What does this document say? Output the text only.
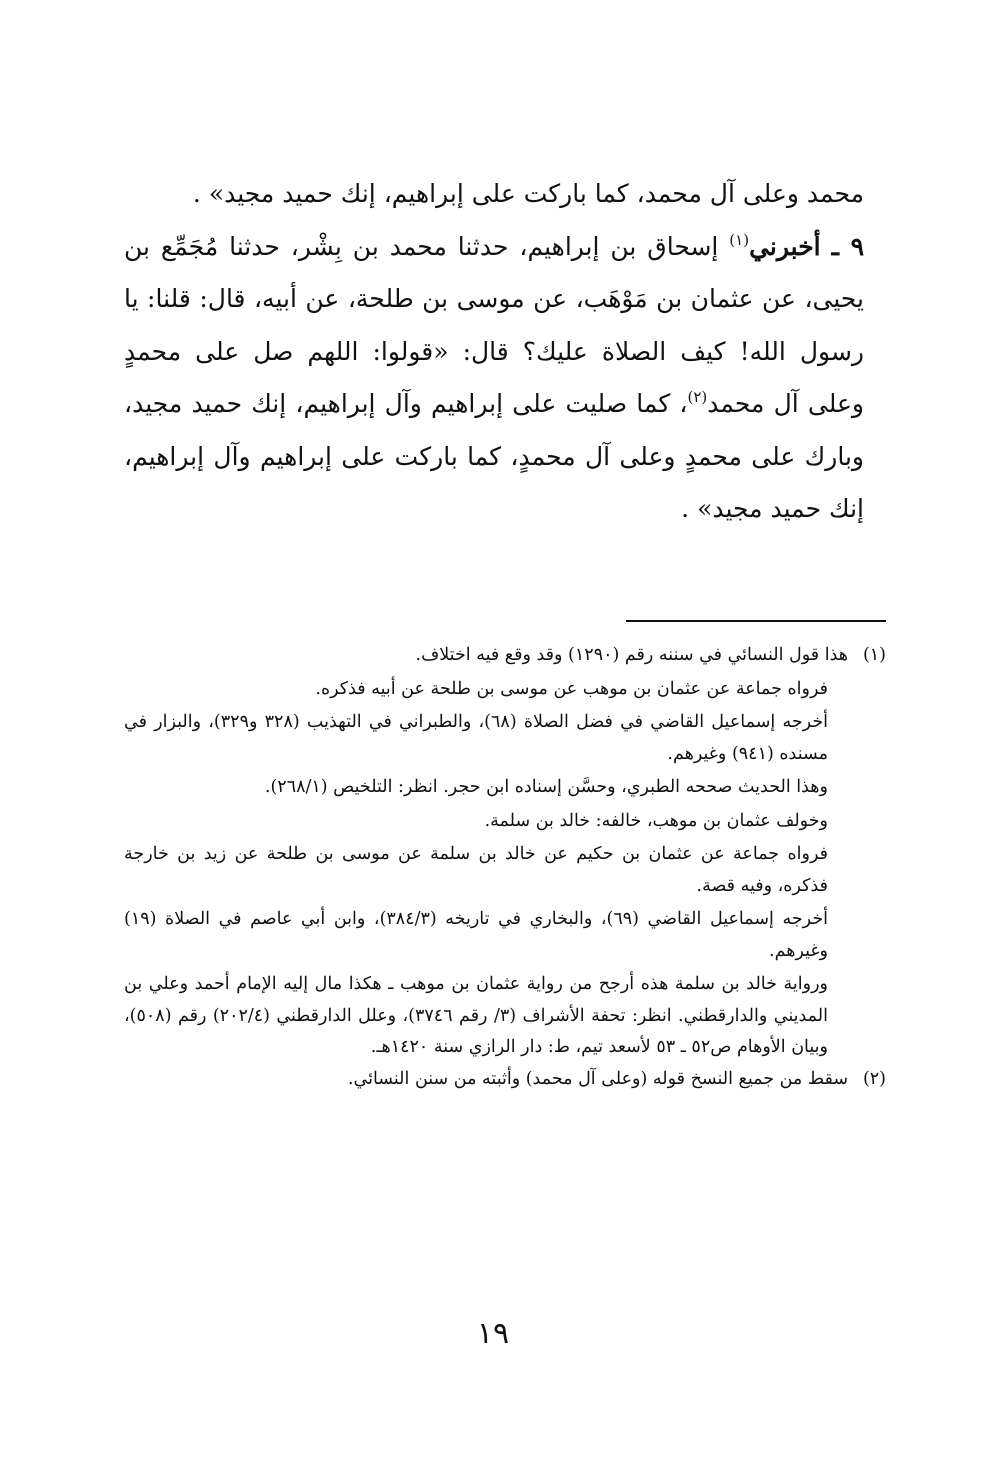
محمد وعلى آل محمد، كما باركت على إبراهيم، إنك حميد مجيد» .

٩ ـ أخبرني$^{(١)}$ إسحاق بن إبراهيم، حدثنا محمد بن بِشْر، حدثنا مُجَمِّع بن يحيى، عن عثمان بن مَوْهَب، عن موسى بن طلحة، عن أبيه، قال: قلنا: يا رسول الله! كيف الصلاة عليك؟ قال: «قولوا: اللهم صل على محمدٍ وعلى آل محمد$^{(٢)}$، كما صليت على إبراهيم وآل إبراهيم، إنك حميد مجيد، وبارك على محمدٍ وعلى آل محمدٍ، كما باركت على إبراهيم وآل إبراهيم، إنك حميد مجيد» .

(١)

هذا قول النسائي في سننه رقم (١٢٩٠) وقد وقع فيه اختلاف.

فرواه جماعة عن عثمان بن موهب عن موسى بن طلحة عن أبيه فذكره.

أخرجه إسماعيل القاضي في فضل الصلاة (٦٨)، والطبراني في التهذيب (٣٢٨ و٣٢٩)، والبزار في مسنده (٩٤١) وغيرهم.

وهذا الحديث صححه الطبري، وحسَّن إسناده ابن حجر. انظر: التلخيص (٢٦٨/١).

وخولف عثمان بن موهب، خالفه: خالد بن سلمة.

فرواه جماعة عن عثمان بن حكيم عن خالد بن سلمة عن موسى بن طلحة عن زيد بن خارجة فذكره، وفيه قصة.

أخرجه إسماعيل القاضي (٦٩)، والبخاري في تاريخه (٣٨٤/٣)، وابن أبي عاصم في الصلاة (١٩) وغيرهم.

ورواية خالد بن سلمة هذه أرجح من رواية عثمان بن موهب ـ هكذا مال إليه الإمام أحمد وعلي بن المديني والدارقطني. انظر: تحفة الأشراف (٣/ رقم ٣٧٤٦)، وعلل الدارقطني (٢٠٢/٤) رقم (٥٠٨)، وبيان الأوهام ص٥٢ ـ ٥٣ لأسعد تيم، ط: دار الرازي سنة ١٤٢٠هـ.

(٢)

سقط من جميع النسخ قوله (وعلى آل محمد) وأثبته من سنن النسائي.

١٩
